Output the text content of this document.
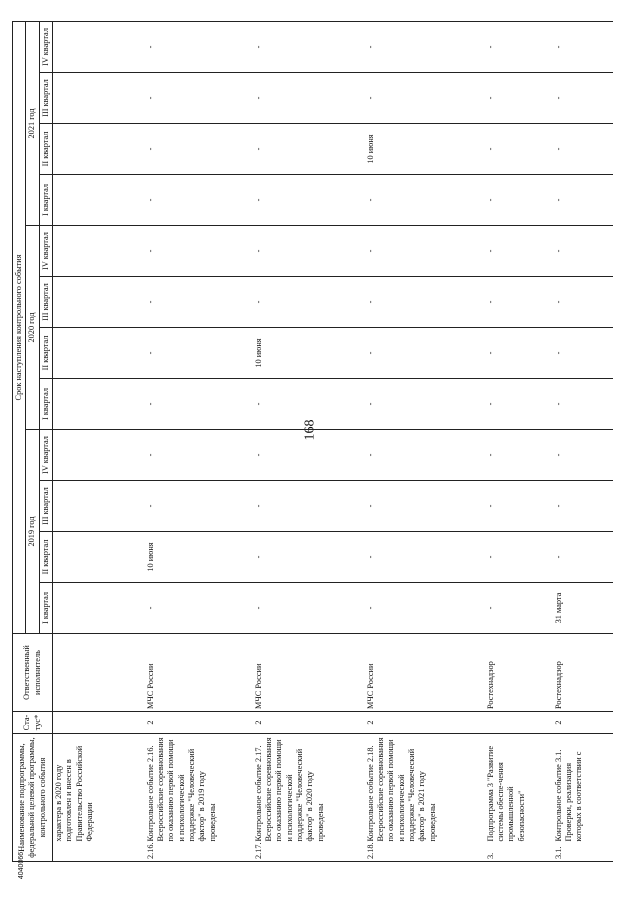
168
4040066
Наименование подпрограммы, федеральной целевой программы, контрольного события		Ста-тус*	Ответственный исполнитель	Срок наступления контрольного события											
				2019 год				2020 год				2021 год			
				I квартал	II квартал	III квартал	IV квартал	I квартал	II квартал	III квартал	IV квартал	I квартал	II квартал	III квартал	IV квартал
	характера в 2020 году подготовлен и внесен в Правительство Российской Федерации														
2.16.	Контрольное событие 2.16. Всероссийские соревнования по оказанию первой помощи и психологической поддержке "Человеческий фактор" в 2019 году проведены	2	МЧС России	-	10 июня	-	-	-	-	-	-	-	-	-	-
2.17.	Контрольное событие 2.17. Всероссийские соревнования по оказанию первой помощи и психологической поддержке "Человеческий фактор" в 2020 году проведены	2	МЧС России	-	-	-	-	-	10 июня	-	-	-	-	-	-
2.18.	Контрольное событие 2.18. Всероссийские соревнования по оказанию первой помощи и психологической поддержке "Человеческий фактор" в 2021 году проведены	2	МЧС России	-	-	-	-	-	-	-	-	-	10 июня	-	-
3.	Подпрограмма 3 "Развитие системы обеспе-чения промышленной безопасности"		Ростехнадзор	-	-	-	-	-	-	-	-	-	-	-	-
3.1.	Контрольное событие 3.1. Проверки, реализация которых в соответствии с	2	Ростехнадзор	31 марта	-	-	-	-	-	-	-	-	-	-	-
